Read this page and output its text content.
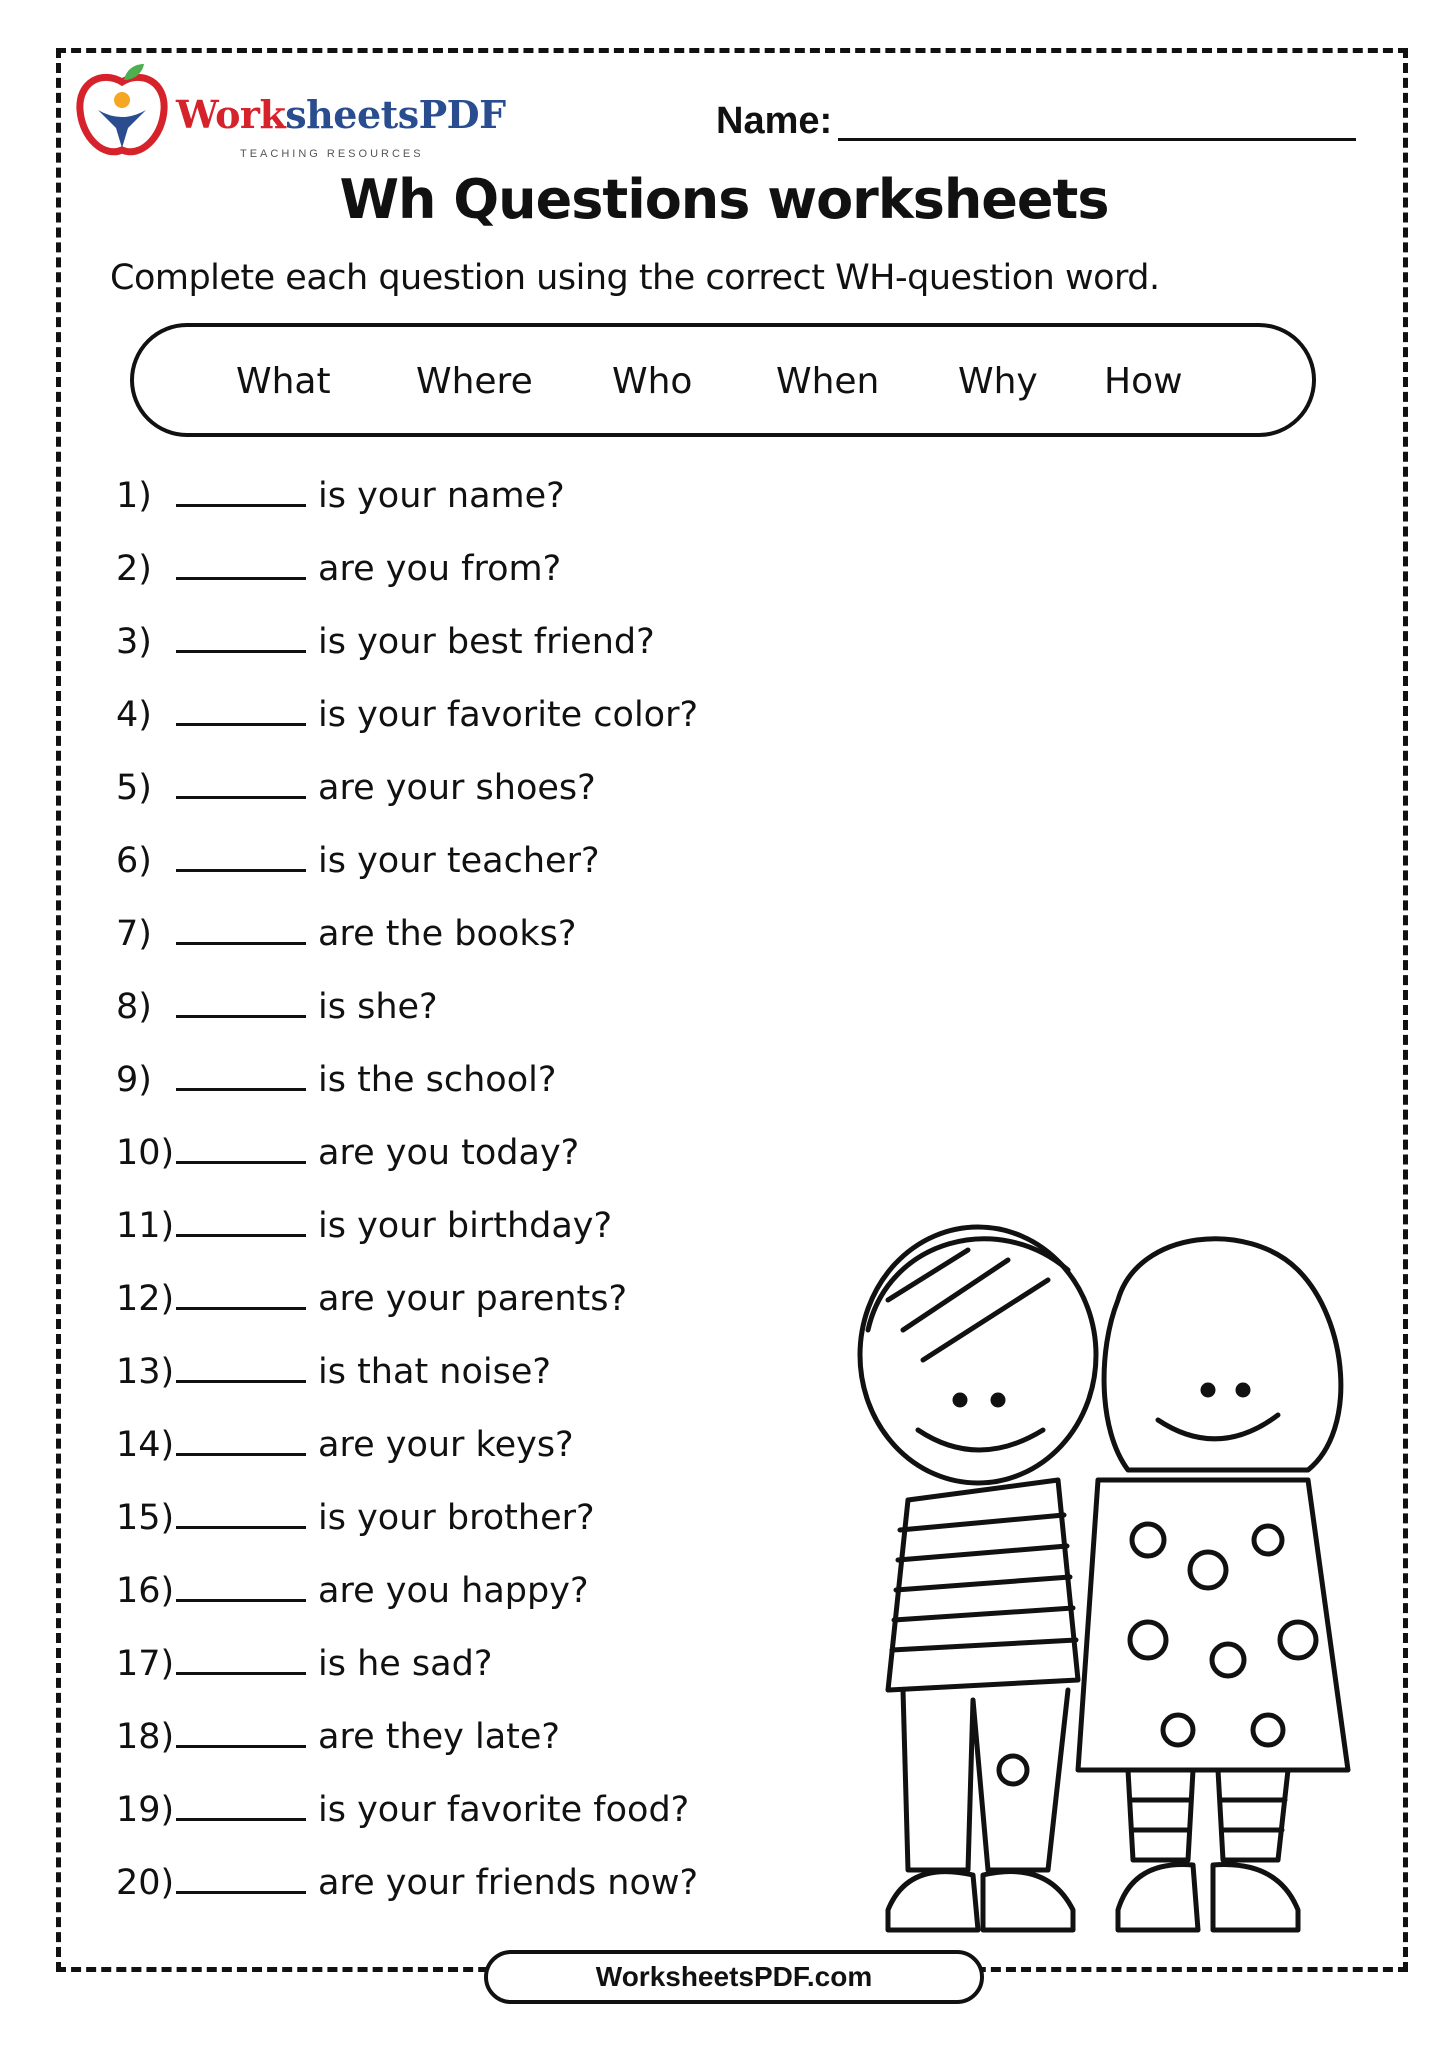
WorksheetsPDF
TEACHING RESOURCES
Name:
Wh Questions worksheets
Complete each question using the correct WH-question word.
What Where Who When Why How
1)	is your name?
2)	are you from?
3)	is your best friend?
4)	is your favorite color?
5)	are your shoes?
6)	is your teacher?
7)	are the books?
8)	is she?
9)	is the school?
10)	are you today?
11)	is your birthday?
12)	are your parents?
13)	is that noise?
14)	are your keys?
15)	is your brother?
16)	are you happy?
17)	is he sad?
18)	are they late?
19)	is your favorite food?
20)	are your friends now?
WorksheetsPDF.com
